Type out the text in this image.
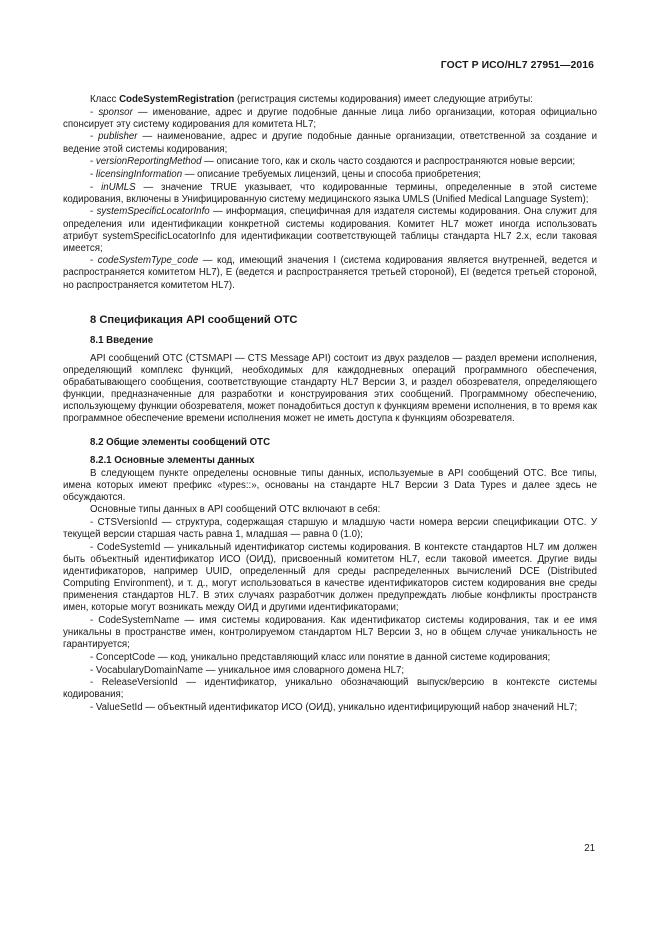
ГОСТ Р ИСО/HL7 27951—2016

Класс CodeSystemRegistration (регистрация системы кодирования) имеет следующие атрибуты:

- sponsor — именование, адрес и другие подобные данные лица либо организации, которая официально спонсирует эту систему кодирования для комитета HL7;

- publisher — наименование, адрес и другие подобные данные организации, ответственной за создание и ведение этой системы кодирования;

- versionReportingMethod — описание того, как и сколь часто создаются и распространяются новые версии;

- licensingInformation — описание требуемых лицензий, цены и способа приобретения;

- inUMLS — значение TRUE указывает, что кодированные термины, определенные в этой системе кодирования, включены в Унифицированную систему медицинского языка UMLS (Unified Medical Language System);

- systemSpecificLocatorInfo — информация, специфичная для издателя системы кодирования. Она служит для определения или идентификации конкретной системы кодирования. Комитет HL7 может иногда использовать атрибут systemSpecificLocatorInfo для идентификации соответствующей таблицы стандарта HL7 2.x, если таковая имеется;

- codeSystemType_code — код, имеющий значения I (система кодирования является внутренней, ведется и распространяется комитетом HL7), E (ведется и распространяется третьей стороной), EI (ведется третьей стороной, но распространяется комитетом HL7).

8 Спецификация API сообщений ОТС
8.1 Введение

API сообщений ОТС (CTSMAPI — CTS Message API) состоит из двух разделов — раздел времени исполнения, определяющий комплекс функций, необходимых для каждодневных операций программного обеспечения, обрабатывающего сообщения, соответствующие стандарту HL7 Версии 3, и раздел обозревателя, определяющего функции, предназначенные для разработки и конструирования этих сообщений. Программному обеспечению, использующему функции обозревателя, может понадобиться доступ к функциям времени исполнения, в то время как программное обеспечение времени исполнения может не иметь доступа к функциям обозревателя.

8.2 Общие элементы сообщений ОТС
8.2.1 Основные элементы данных

В следующем пункте определены основные типы данных, используемые в API сообщений ОТС. Все типы, имена которых имеют префикс «types::», основаны на стандарте HL7 Версии 3 Data Types и далее здесь не обсуждаются.

Основные типы данных в API сообщений ОТС включают в себя:

- CTSVersionId — структура, содержащая старшую и младшую части номера версии спецификации ОТС. У текущей версии старшая часть равна 1, младшая — равна 0 (1.0);

- CodeSystemId — уникальный идентификатор системы кодирования. В контексте стандартов HL7 им должен быть объектный идентификатор ИСО (ОИД), присвоенный комитетом HL7, если таковой имеется. Другие виды идентификаторов, например UUID, определенный для среды распределенных вычислений DCE (Distributed Computing Environment), и т. д., могут использоваться в качестве идентификаторов систем кодирования вне среды применения стандартов HL7. В этих случаях разработчик должен предупреждать любые конфликты пространств имен, которые могут возникать между ОИД и другими идентификаторами;

- CodeSystemName — имя системы кодирования. Как идентификатор системы кодирования, так и ее имя уникальны в пространстве имен, контролируемом стандартом HL7 Версии 3, но в общем случае уникальность не гарантируется;

- ConceptCode — код, уникально представляющий класс или понятие в данной системе кодирования;

- VocabularyDomainName — уникальное имя словарного домена HL7;

- ReleaseVersionId — идентификатор, уникально обозначающий выпуск/версию в контексте системы кодирования;

- ValueSetId — объектный идентификатор ИСО (ОИД), уникально идентифицирующий набор значений HL7;

21
